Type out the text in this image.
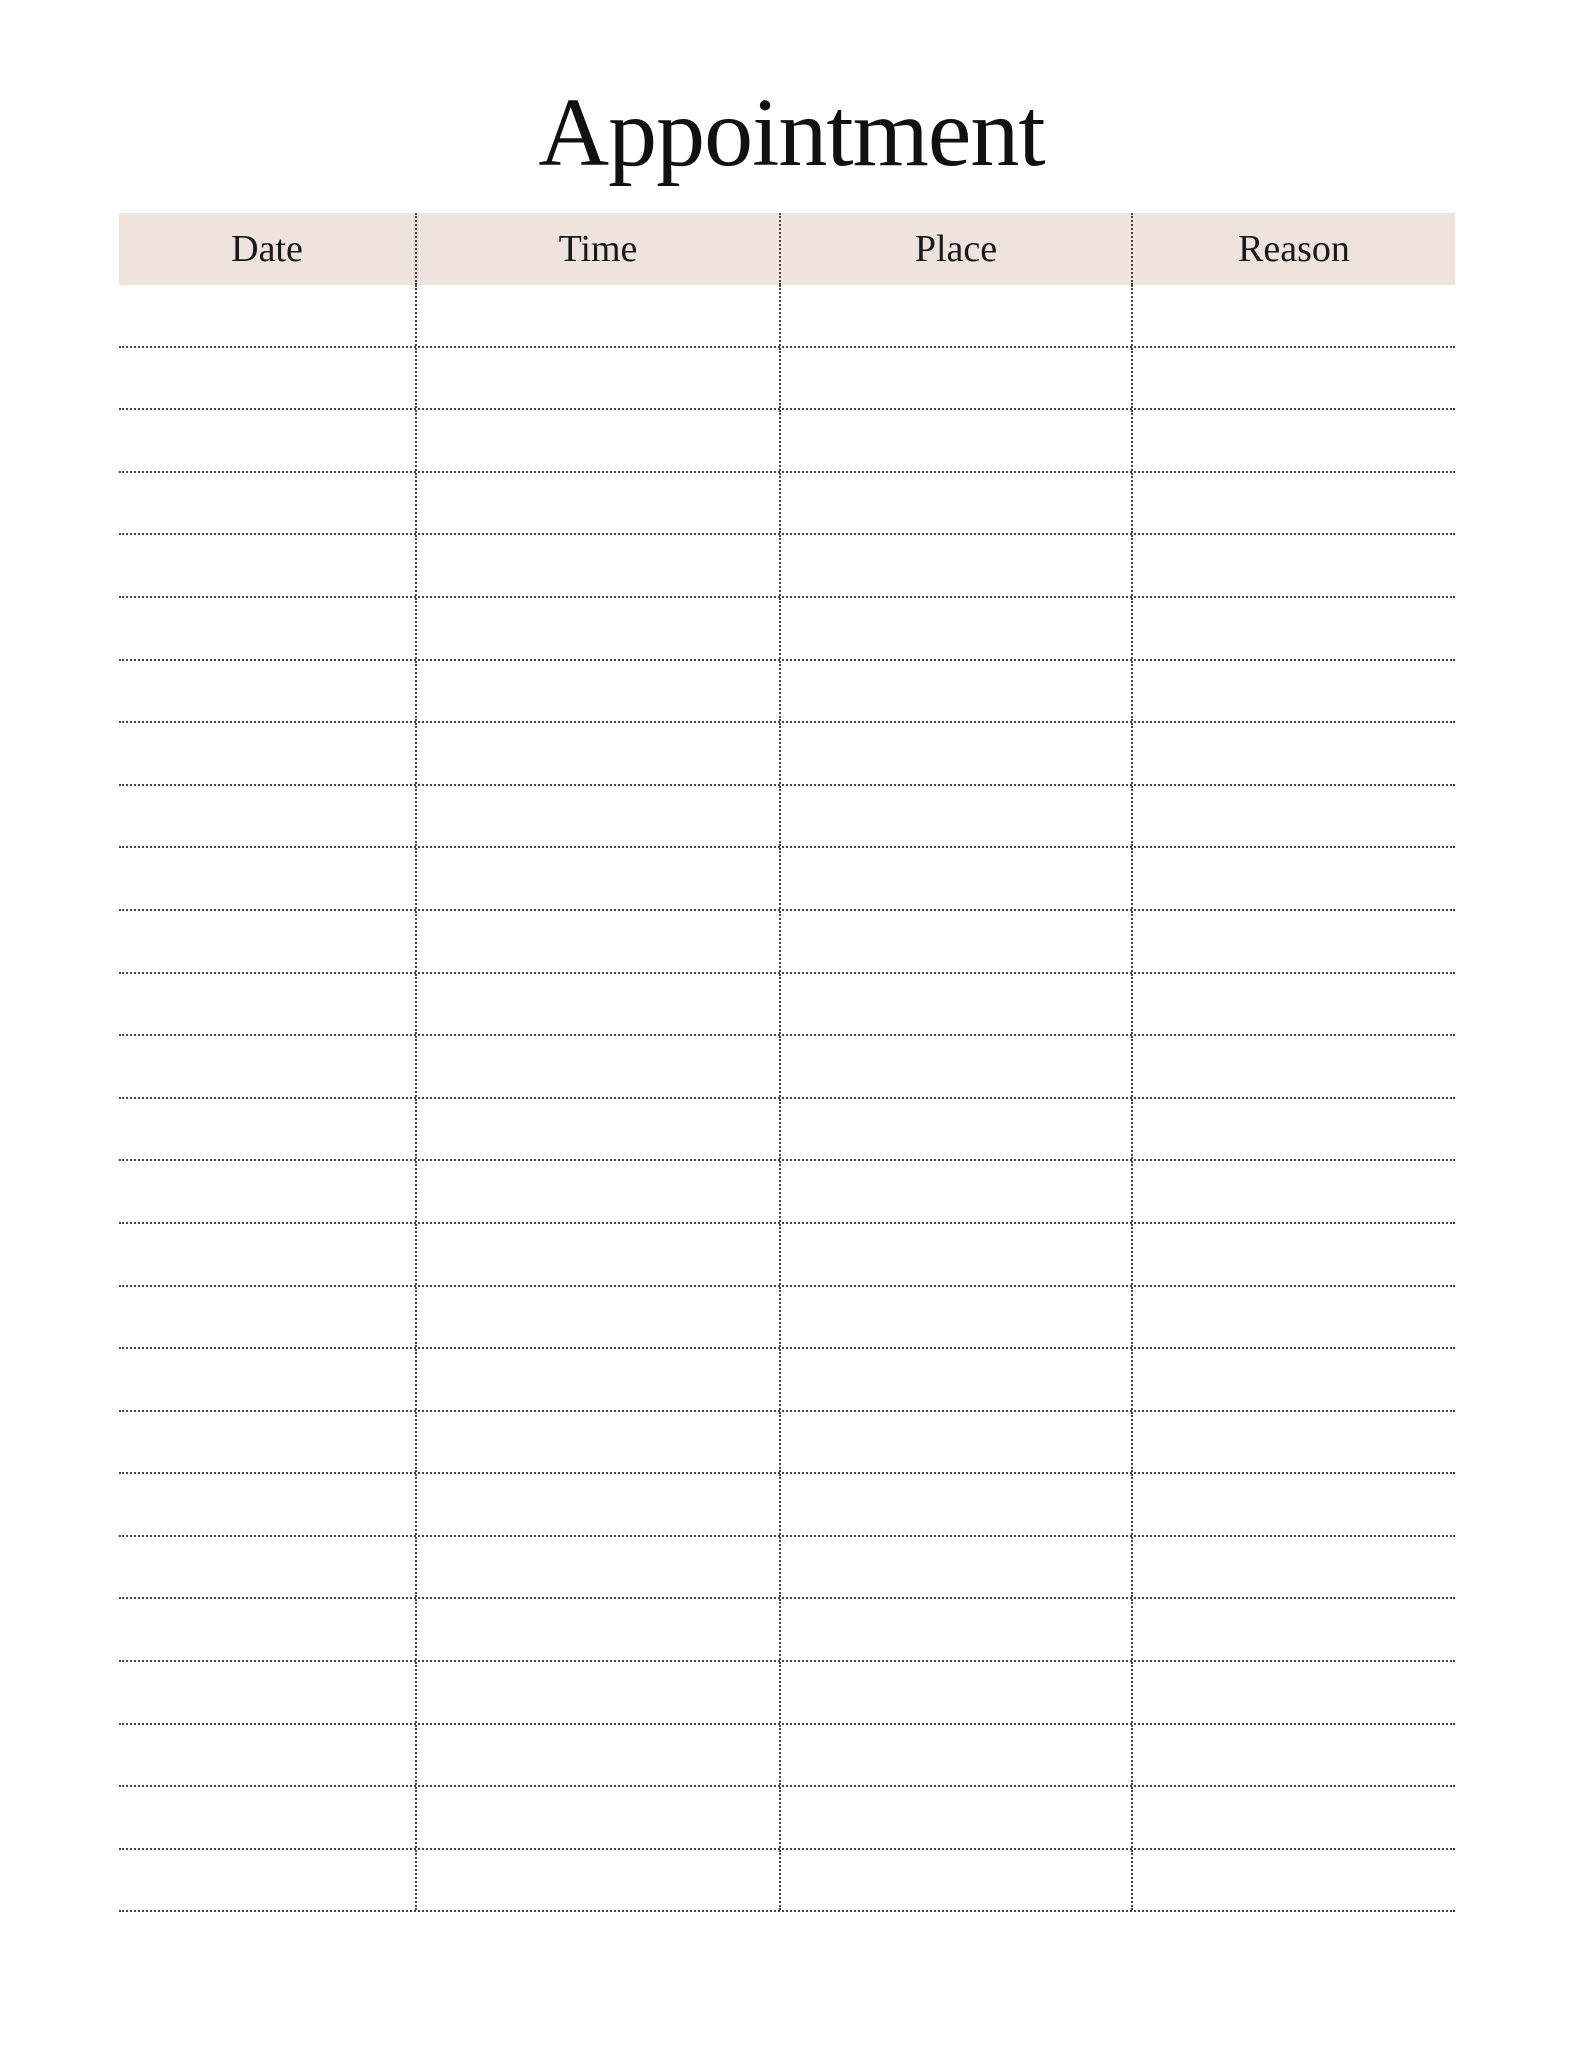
Appointment
Date	Time	Place	Reason
